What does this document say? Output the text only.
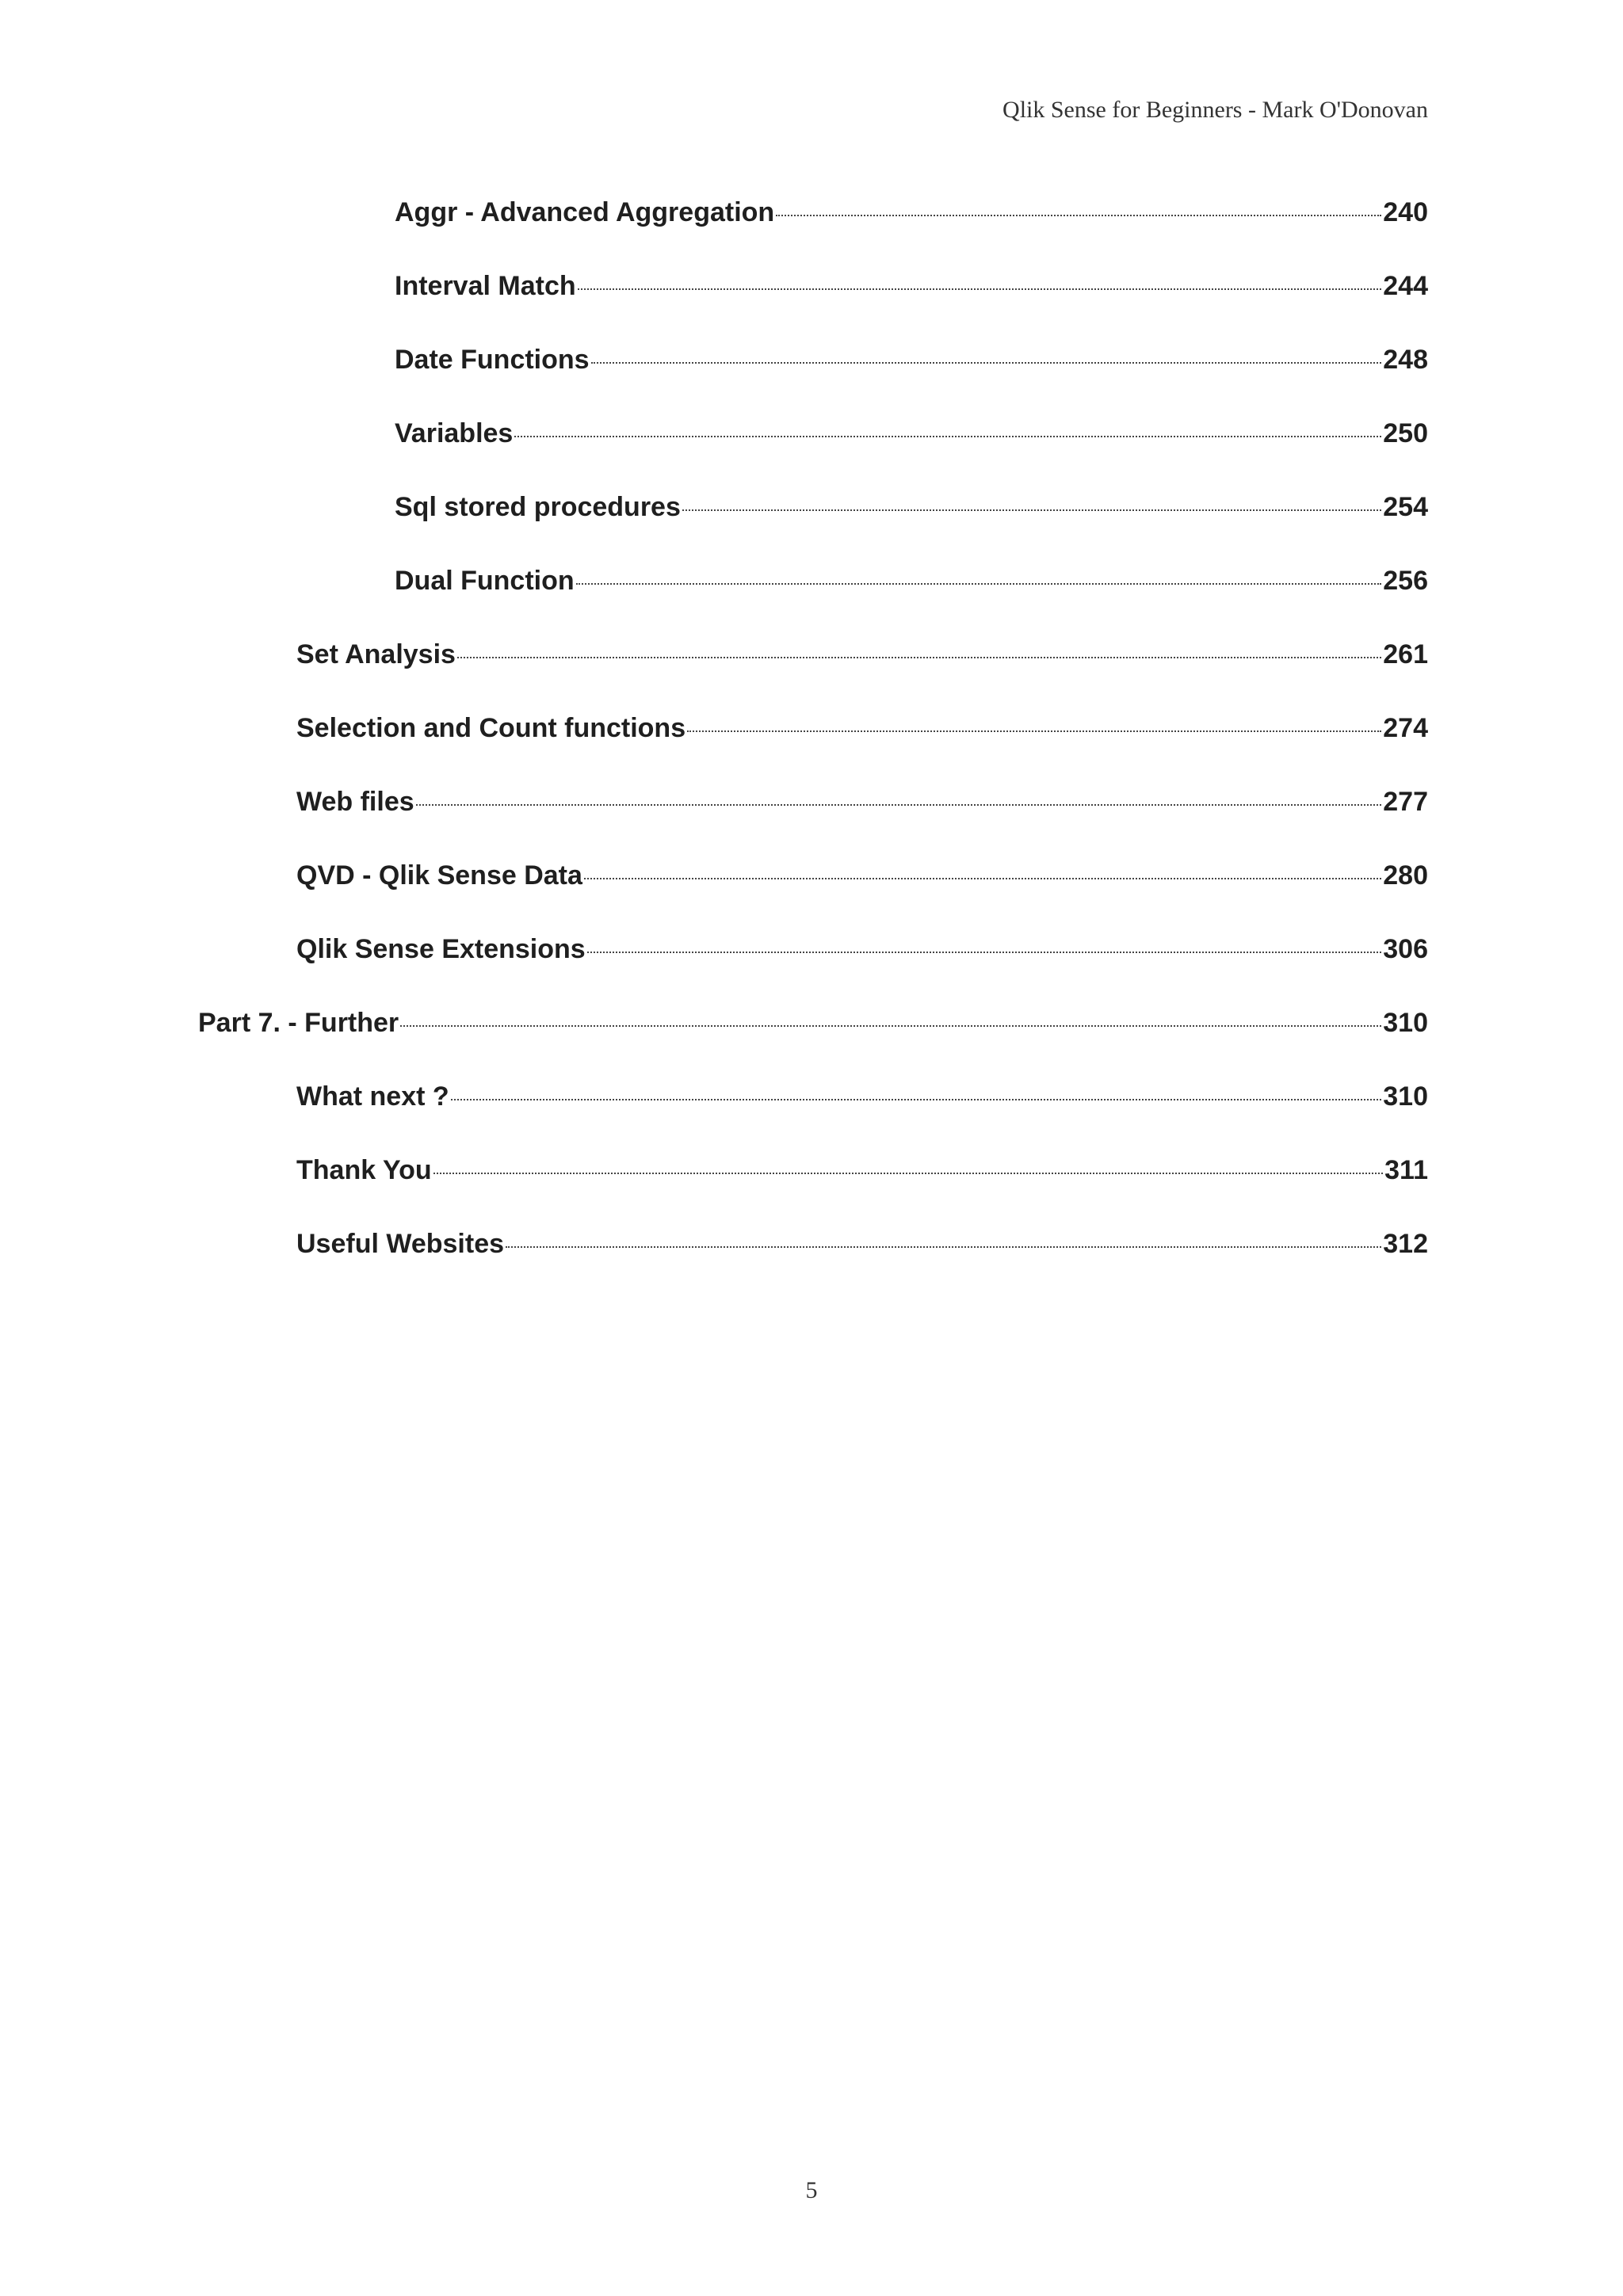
Qlik Sense for Beginners - Mark O'Donovan
Aggr - Advanced Aggregation	240
Interval Match	244
Date Functions	248
Variables	250
Sql stored procedures	254
Dual Function	256
Set Analysis	261
Selection and Count functions	274
Web files	277
QVD - Qlik Sense Data	280
Qlik Sense Extensions	306
Part 7. - Further	310
What next ?	310
Thank You	311
Useful Websites	312
5
